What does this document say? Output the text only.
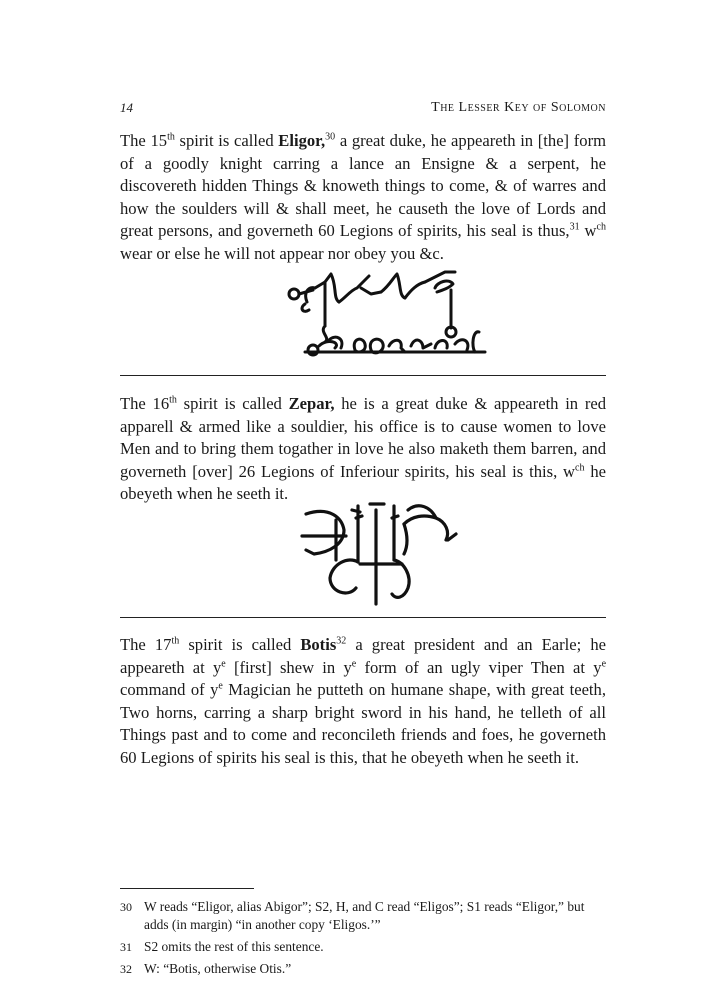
14	The Lesser Key of Solomon

The 15th spirit is called Eligor,$^{30}$ a great duke, he appeareth in [the] form of a goodly knight carring a lance an Ensigne & a serpent, he discovereth hidden Things & knoweth things to come, & of warres and how the soulders will & shall meet, he causeth the love of Lords and great persons, and governeth 60 Legions of spirits, his seal is thus,$^{31}$ $w^{ch}$ wear or else he will not appear nor obey you &c.

The 16th spirit is called Zepar, he is a great duke & appeareth in red apparell & armed like a souldier, his office is to cause women to love Men and to bring them togather in love he also maketh them barren, and governeth [over] 26 Legions of Inferiour spirits, his seal is this, $w^{ch}$ he obeyeth when he seeth it.

The 17th spirit is called Botis$^{32}$ a great president and an Earle; he appeareth at $y^e$ [first] shew in $y^e$ form of an ugly viper Then at $y^e$ command of $y^e$ Magician he putteth on humane shape, with great teeth, Two horns, carring a sharp bright sword in his hand, he telleth of all Things past and to come and reconcileth friends and foes, he governeth 60 Legions of spirits his seal is this, that he obeyeth when he seeth it.

30 W reads “Eligor, alias Abigor”; S2, H, and C read “Eligos”; S1 reads “Eligor,” but adds (in margin) “in another copy ‘Eligos.’”
31 S2 omits the rest of this sentence.
32 W: “Botis, otherwise Otis.”
